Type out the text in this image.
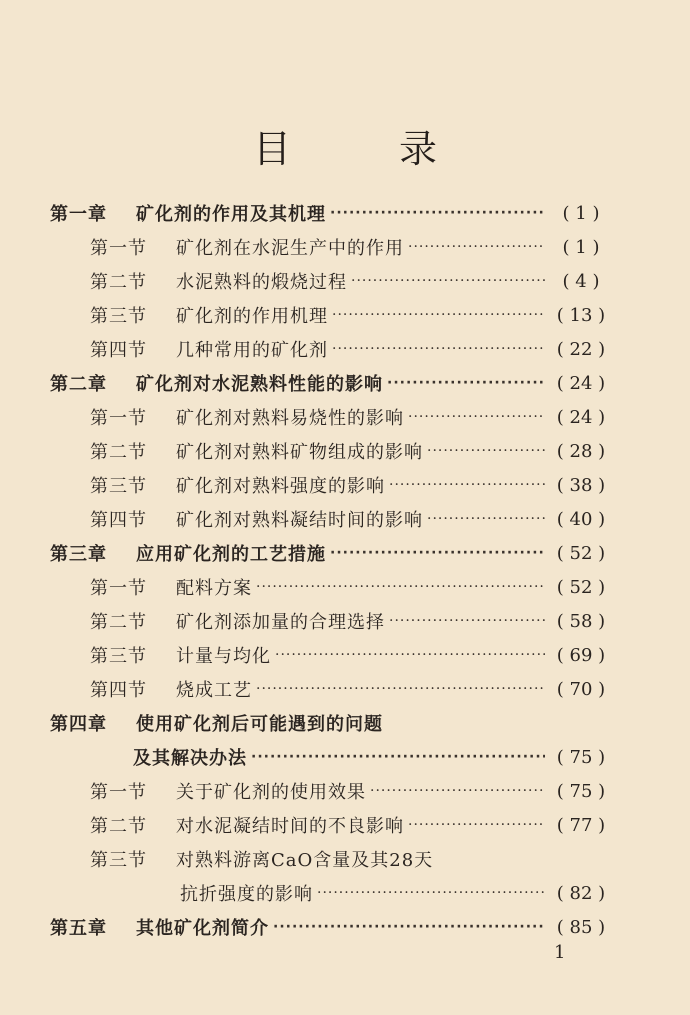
目 录
第一章	矿化剂的作用及其机理 ·····	( 1 )
第一节	矿化剂在水泥生产中的作用 ·····	( 1 )
第二节	水泥熟料的煅烧过程 ·····	( 4 )
第三节	矿化剂的作用机理 ·····	( 13 )
第四节	几种常用的矿化剂 ·····	( 22 )
第二章	矿化剂对水泥熟料性能的影响 ·····	( 24 )
第一节	矿化剂对熟料易烧性的影响 ·····	( 24 )
第二节	矿化剂对熟料矿物组成的影响 ·····	( 28 )
第三节	矿化剂对熟料强度的影响 ·····	( 38 )
第四节	矿化剂对熟料凝结时间的影响 ·····	( 40 )
第三章	应用矿化剂的工艺措施 ·····	( 52 )
第一节	配料方案 ·····	( 52 )
第二节	矿化剂添加量的合理选择 ·····	( 58 )
第三节	计量与均化 ·····	( 69 )
第四节	烧成工艺 ·····	( 70 )
第四章	使用矿化剂后可能遇到的问题
及其解决办法 ·····	( 75 )
第一节	关于矿化剂的使用效果 ·····	( 75 )
第二节	对水泥凝结时间的不良影响 ·····	( 77 )
第三节	对熟料游离CaO含量及其28天
抗折强度的影响 ·····	( 82 )
第五章	其他矿化剂简介 ·····	( 85 )
1
